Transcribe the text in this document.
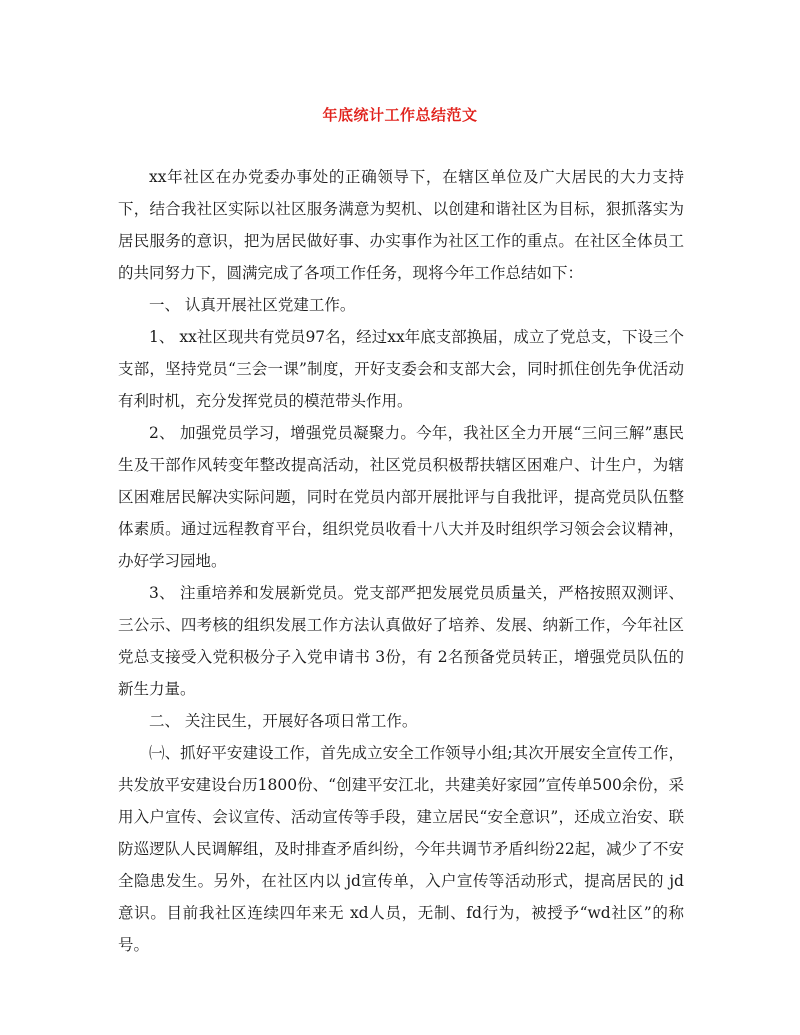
年底统计工作总结范文

xx年社区在办党委办事处的正确领导下，在辖区单位及广大居民的大力支持下，结合我社区实际以社区服务满意为契机、以创建和谐社区为目标，狠抓落实为居民服务的意识，把为居民做好事、办实事作为社区工作的重点。在社区全体员工的共同努力下，圆满完成了各项工作任务，现将今年工作总结如下：

一、 认真开展社区党建工作。

1、 xx社区现共有党员97名，经过xx年底支部换届，成立了党总支，下设三个支部，坚持党员“三会一课”制度，开好支委会和支部大会，同时抓住创先争优活动有利时机，充分发挥党员的模范带头作用。

2、 加强党员学习，增强党员凝聚力。今年，我社区全力开展“三问三解”惠民生及干部作风转变年整改提高活动，社区党员积极帮扶辖区困难户、计生户，为辖区困难居民解决实际问题，同时在党员内部开展批评与自我批评，提高党员队伍整体素质。通过远程教育平台，组织党员收看十八大并及时组织学习领会会议精神，办好学习园地。

3、 注重培养和发展新党员。党支部严把发展党员质量关，严格按照双测评、三公示、四考核的组织发展工作方法认真做好了培养、发展、纳新工作，今年社区党总支接受入党积极分子入党申请书 3份，有 2名预备党员转正，增强党员队伍的新生力量。

二、 关注民生，开展好各项日常工作。

㈠、抓好平安建设工作，首先成立安全工作领导小组;其次开展安全宣传工作，共发放平安建设台历1800份、“创建平安江北，共建美好家园”宣传单500余份，采用入户宣传、会议宣传、活动宣传等手段，建立居民“安全意识”，还成立治安、联防巡逻队人民调解组，及时排查矛盾纠纷，今年共调节矛盾纠纷22起，减少了不安全隐患发生。另外，在社区内以 jd宣传单，入户宣传等活动形式，提高居民的 jd意识。目前我社区连续四年来无 xd人员，无制、fd行为，被授予“wd社区”的称号。
